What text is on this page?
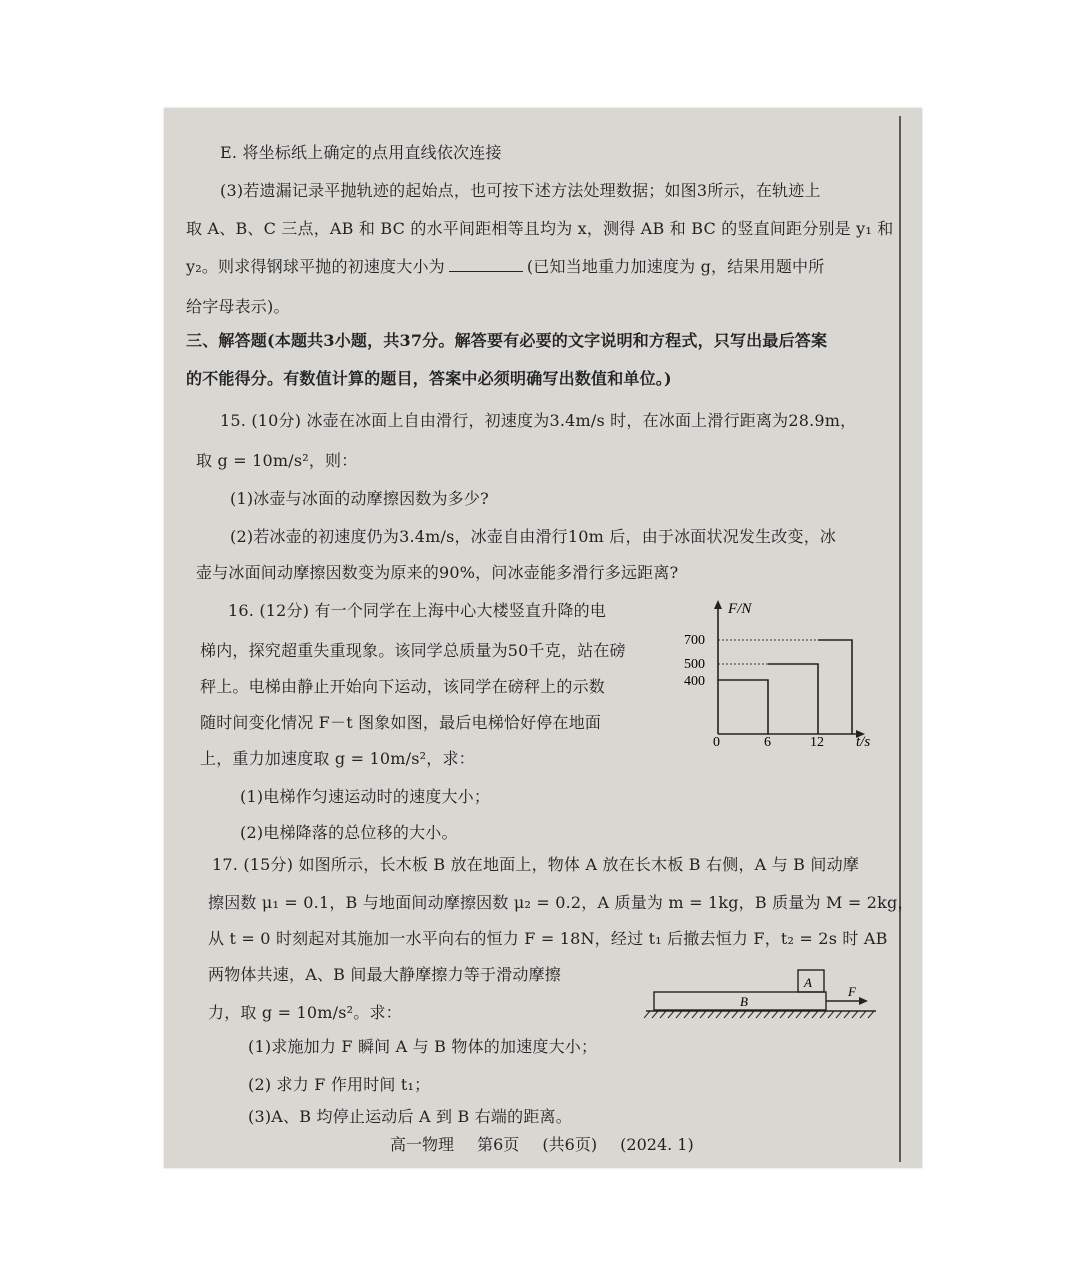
E. 将坐标纸上确定的点用直线依次连接
(3)若遗漏记录平抛轨迹的起始点，也可按下述方法处理数据；如图3所示，在轨迹上
取 A、B、C 三点，AB 和 BC 的水平间距相等且均为 x，测得 AB 和 BC 的竖直间距分别是 y₁ 和
y₂。则求得钢球平抛的初速度大小为	(已知当地重力加速度为 g，结果用题中所
给字母表示)。
三、解答题(本题共3小题，共37分。解答要有必要的文字说明和方程式，只写出最后答案
的不能得分。有数值计算的题目，答案中必须明确写出数值和单位。)
15. (10分) 冰壶在冰面上自由滑行，初速度为3.4m/s 时，在冰面上滑行距离为28.9m，
取 g = 10m/s²，则：
(1)冰壶与冰面的动摩擦因数为多少?
(2)若冰壶的初速度仍为3.4m/s，冰壶自由滑行10m 后，由于冰面状况发生改变，冰
壶与冰面间动摩擦因数变为原来的90%，问冰壶能多滑行多远距离?
16. (12分) 有一个同学在上海中心大楼竖直升降的电
梯内，探究超重失重现象。该同学总质量为50千克，站在磅
秤上。电梯由静止开始向下运动，该同学在磅秤上的示数
随时间变化情况 F－t 图象如图，最后电梯恰好停在地面
上，重力加速度取 g = 10m/s²，求：
(1)电梯作匀速运动时的速度大小；
(2)电梯降落的总位移的大小。
F/N
700
500
400
0	6	12 t/s
17. (15分) 如图所示，长木板 B 放在地面上，物体 A 放在长木板 B 右侧，A 与 B 间动摩
擦因数 μ₁ = 0.1，B 与地面间动摩擦因数 μ₂ = 0.2，A 质量为 m = 1kg，B 质量为 M = 2kg，
从 t = 0 时刻起对其施加一水平向右的恒力 F = 18N，经过 t₁ 后撤去恒力 F，t₂ = 2s 时 AB
两物体共速，A、B 间最大静摩擦力等于滑动摩擦
力，取 g = 10m/s²。求：
(1)求施加力 F 瞬间 A 与 B 物体的加速度大小；
(2) 求力 F 作用时间 t₁；
(3)A、B 均停止运动后 A 到 B 右端的距离。
A
B
F
高一物理 第6页 (共6页) (2024. 1)
